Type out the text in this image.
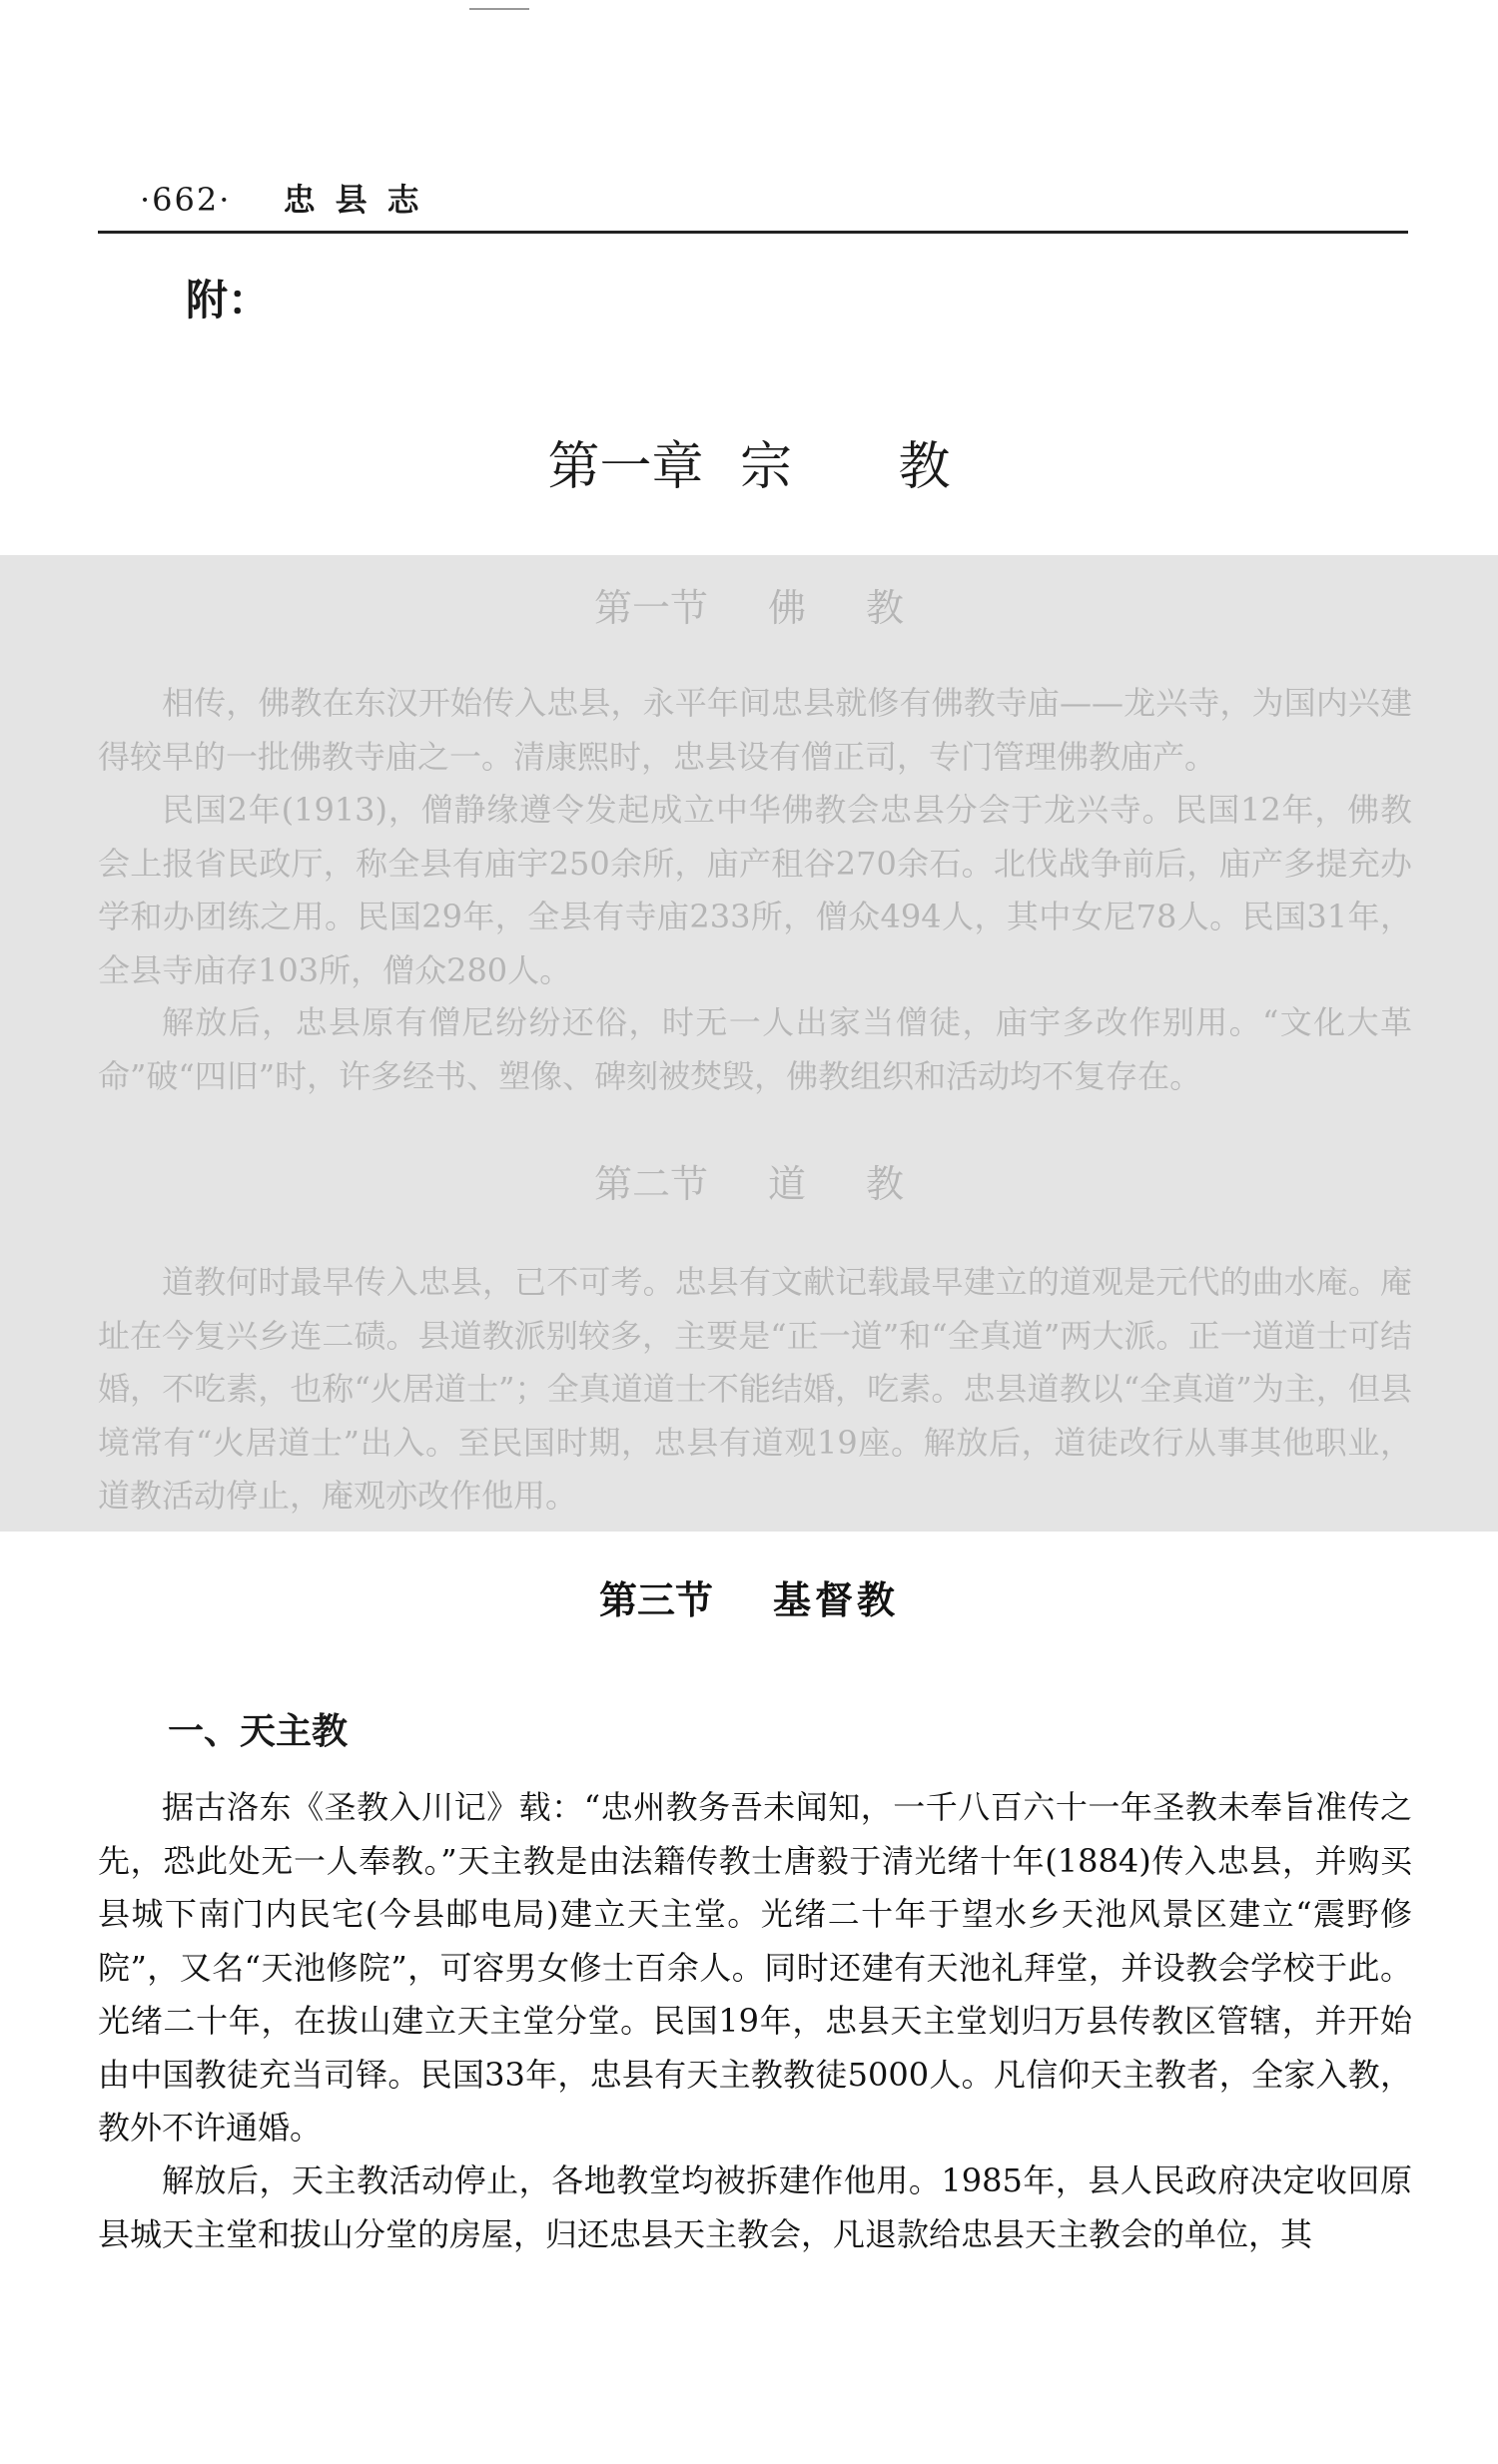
·662· 忠县志
附：
第一章 宗 教
第一节 佛教

相传，佛教在东汉开始传入忠县，永平年间忠县就修有佛教寺庙——龙兴寺，为国内兴建得较早的一批佛教寺庙之一。清康熙时，忠县设有僧正司，专门管理佛教庙产。

民国2年(1913)，僧静缘遵令发起成立中华佛教会忠县分会于龙兴寺。民国12年，佛教会上报省民政厅，称全县有庙宇250余所，庙产租谷270余石。北伐战争前后，庙产多提充办学和办团练之用。民国29年，全县有寺庙233所，僧众494人，其中女尼78人。民国31年，全县寺庙存103所，僧众280人。

解放后，忠县原有僧尼纷纷还俗，时无一人出家当僧徒，庙宇多改作别用。“文化大革命”破“四旧”时，许多经书、塑像、碑刻被焚毁，佛教组织和活动均不复存在。

第二节 道教

道教何时最早传入忠县，已不可考。忠县有文献记载最早建立的道观是元代的曲水庵。庵址在今复兴乡连二碛。县道教派别较多，主要是“正一道”和“全真道”两大派。正一道道士可结婚，不吃素，也称“火居道士”；全真道道士不能结婚，吃素。忠县道教以“全真道”为主，但县境常有“火居道士”出入。至民国时期，忠县有道观19座。解放后，道徒改行从事其他职业，道教活动停止，庵观亦改作他用。

第三节 基督教
一、天主教

据古洛东《圣教入川记》载：“忠州教务吾未闻知，一千八百六十一年圣教未奉旨准传之先，恐此处无一人奉教。”天主教是由法籍传教士唐毅于清光绪十年(1884)传入忠县，并购买县城下南门内民宅(今县邮电局)建立天主堂。光绪二十年于望水乡天池风景区建立“震野修院”，又名“天池修院”，可容男女修士百余人。同时还建有天池礼拜堂，并设教会学校于此。光绪二十年，在拔山建立天主堂分堂。民国19年，忠县天主堂划归万县传教区管辖，并开始由中国教徒充当司铎。民国33年，忠县有天主教教徒5000人。凡信仰天主教者，全家入教，教外不许通婚。

解放后，天主教活动停止，各地教堂均被拆建作他用。1985年，县人民政府决定收回原县城天主堂和拔山分堂的房屋，归还忠县天主教会，凡退款给忠县天主教会的单位，其
